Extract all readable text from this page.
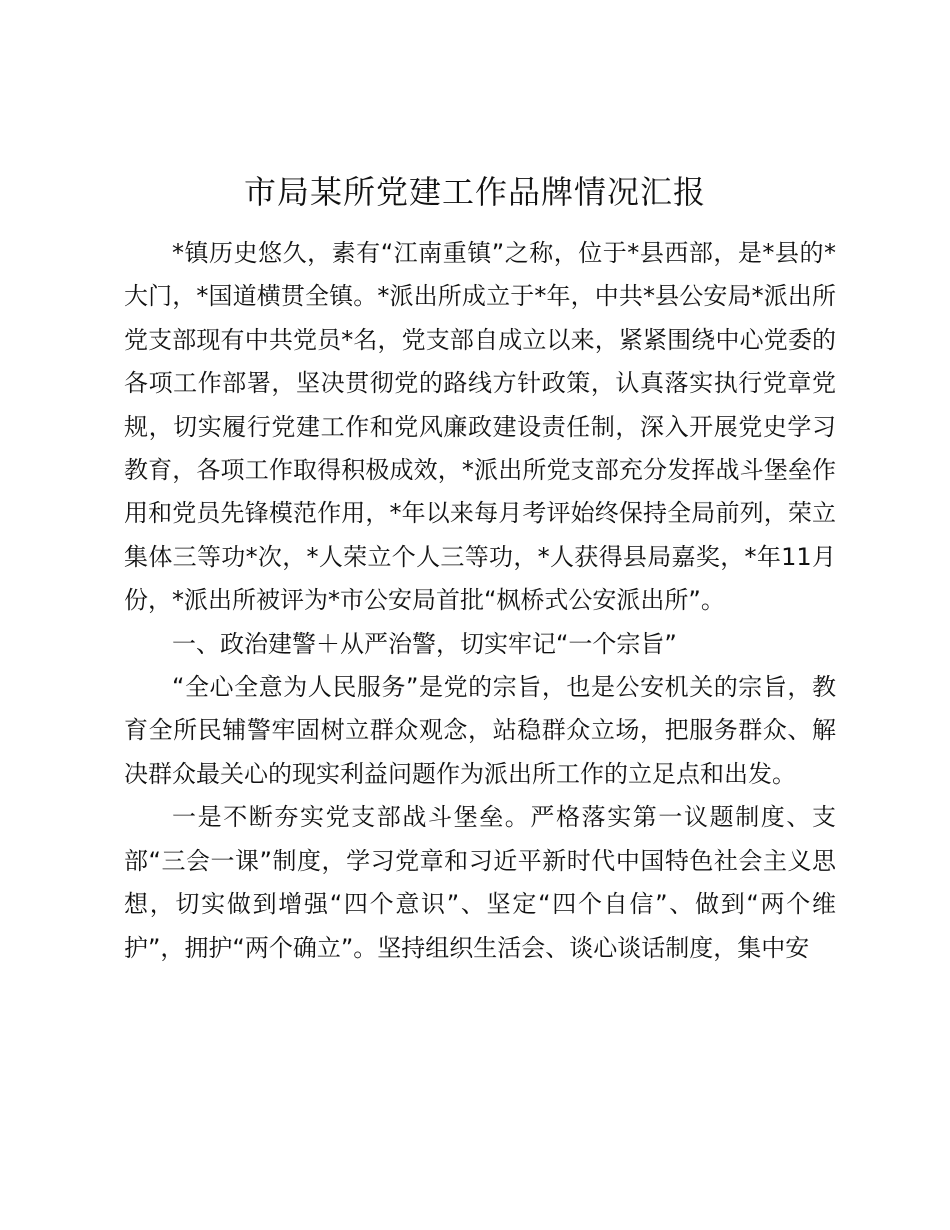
市局某所党建工作品牌情况汇报

*镇历史悠久，素有“江南重镇”之称，位于*县西部，是*县的*大门，*国道横贯全镇。*派出所成立于*年，中共*县公安局*派出所党支部现有中共党员*名，党支部自成立以来，紧紧围绕中心党委的各项工作部署，坚决贯彻党的路线方针政策，认真落实执行党章党规，切实履行党建工作和党风廉政建设责任制，深入开展党史学习教育，各项工作取得积极成效，*派出所党支部充分发挥战斗堡垒作用和党员先锋模范作用，*年以来每月考评始终保持全局前列，荣立集体三等功*次，*人荣立个人三等功，*人获得县局嘉奖，*年11月份，*派出所被评为*市公安局首批“枫桥式公安派出所”。

一、政治建警＋从严治警，切实牢记“一个宗旨”

“全心全意为人民服务”是党的宗旨，也是公安机关的宗旨，教育全所民辅警牢固树立群众观念，站稳群众立场，把服务群众、解决群众最关心的现实利益问题作为派出所工作的立足点和出发。

一是不断夯实党支部战斗堡垒。严格落实第一议题制度、支部“三会一课”制度，学习党章和习近平新时代中国特色社会主义思想，切实做到增强“四个意识”、坚定“四个自信”、做到“两个维护”，拥护“两个确立”。坚持组织生活会、谈心谈话制度，集中安
